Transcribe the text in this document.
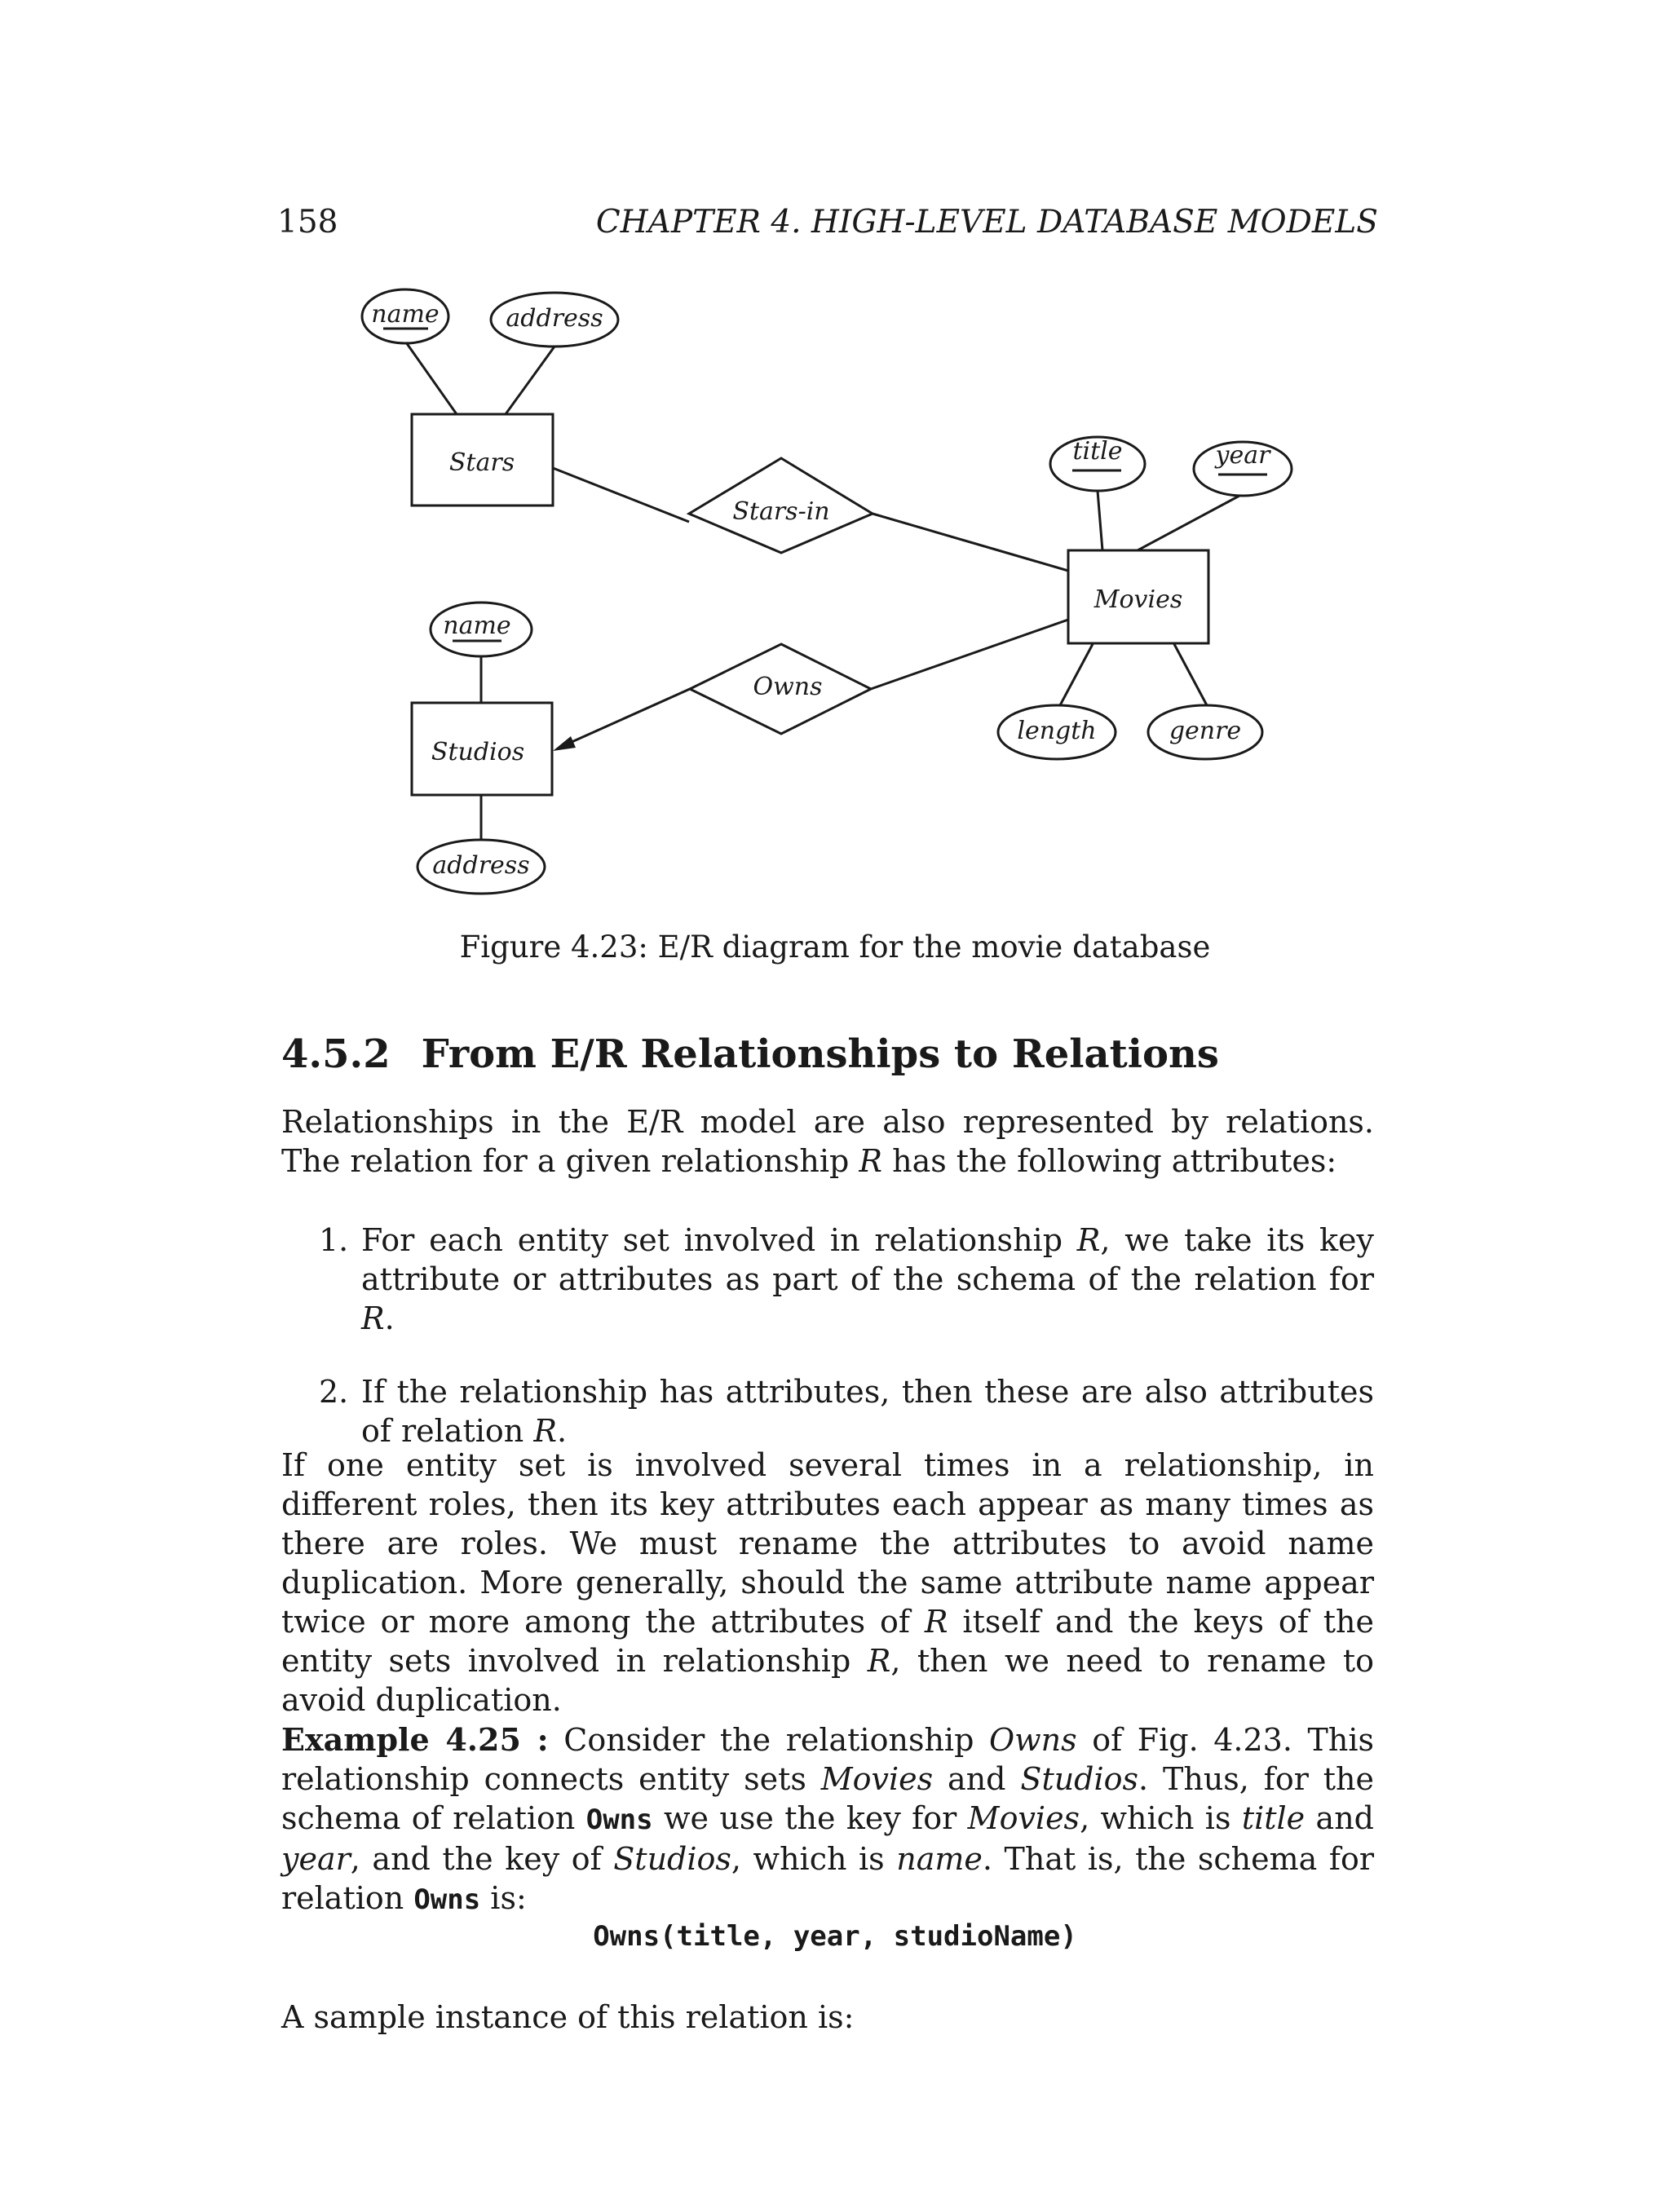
158	CHAPTER 4. HIGH-LEVEL DATABASE MODELS
Stars
Movies
Studios
Stars-in
Owns
name	address
title	year
length	genre
name
address
Figure 4.23: E/R diagram for the movie database
4.5.2 From E/R Relationships to Relations

Relationships in the E/R model are also represented by relations. The relation for a given relationship R has the following attributes:

1. For each entity set involved in relationship R, we take its key attribute or attributes as part of the schema of the relation for R.
2. If the relationship has attributes, then these are also attributes of relation R.

If one entity set is involved several times in a relationship, in different roles, then its key attributes each appear as many times as there are roles. We must rename the attributes to avoid name duplication. More generally, should the same attribute name appear twice or more among the attributes of R itself and the keys of the entity sets involved in relationship R, then we need to rename to avoid duplication.

Example 4.25 : Consider the relationship Owns of Fig. 4.23. This relationship connects entity sets Movies and Studios. Thus, for the schema of relation Owns we use the key for Movies, which is title and year, and the key of Studios, which is name. That is, the schema for relation Owns is:

Owns(title, year, studioName)

A sample instance of this relation is:
